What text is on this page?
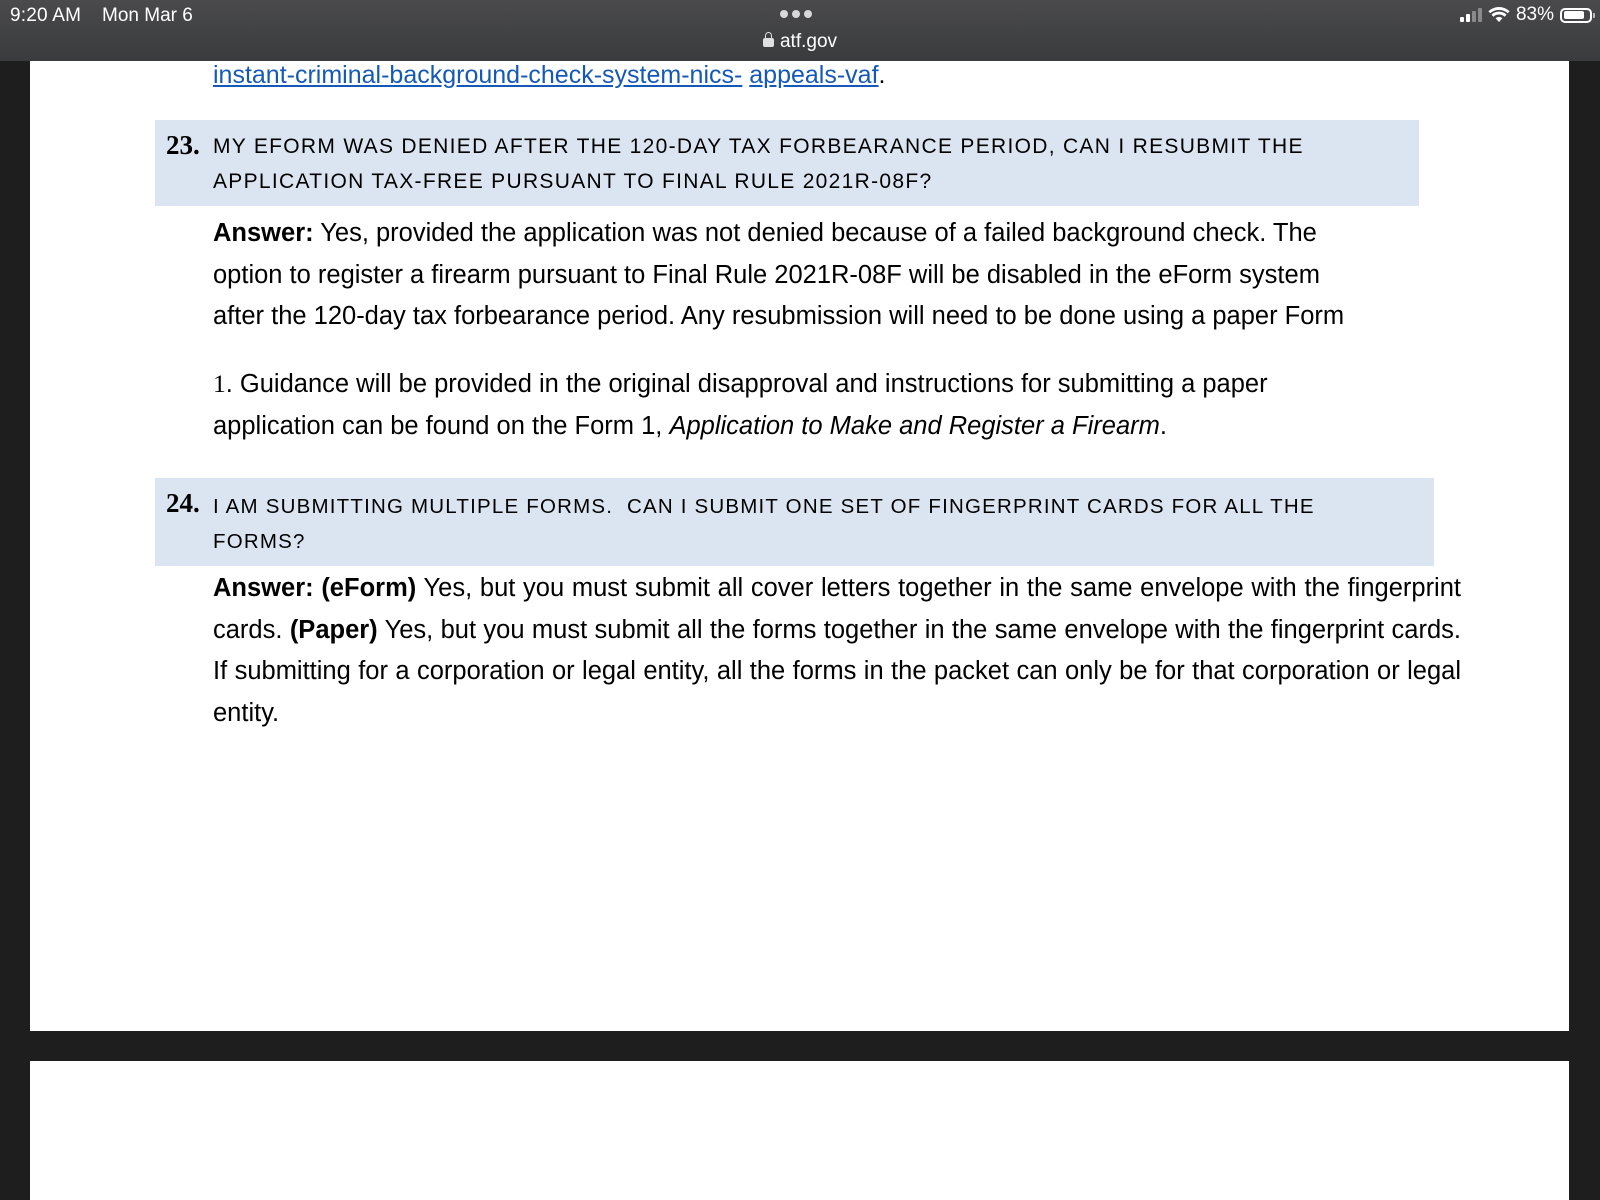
9:20 AM Mon Mar 6
atf.gov
83%
instant-criminal-background-check-system-nics- appeals-vaf.
23. MY EFORM WAS DENIED AFTER THE 120-DAY TAX FORBEARANCE PERIOD, CAN I RESUBMIT THE
APPLICATION TAX-FREE PURSUANT TO FINAL RULE 2021R-08F?
Answer: Yes, provided the application was not denied because of a failed background check. The
option to register a firearm pursuant to Final Rule 2021R-08F will be disabled in the eForm system
after the 120-day tax forbearance period. Any resubmission will need to be done using a paper Form
1. Guidance will be provided in the original disapproval and instructions for submitting a paper
application can be found on the Form 1, Application to Make and Register a Firearm.
24. I AM SUBMITTING MULTIPLE FORMS.  CAN I SUBMIT ONE SET OF FINGERPRINT CARDS FOR ALL THE
FORMS?
Answer: (eForm) Yes, but you must submit all cover letters together in the same envelope with the fingerprint cards. (Paper) Yes, but you must submit all the forms together in the same envelope with the fingerprint cards.  If submitting for a corporation or legal entity, all the forms in the packet can only be for that corporation or legal entity.
